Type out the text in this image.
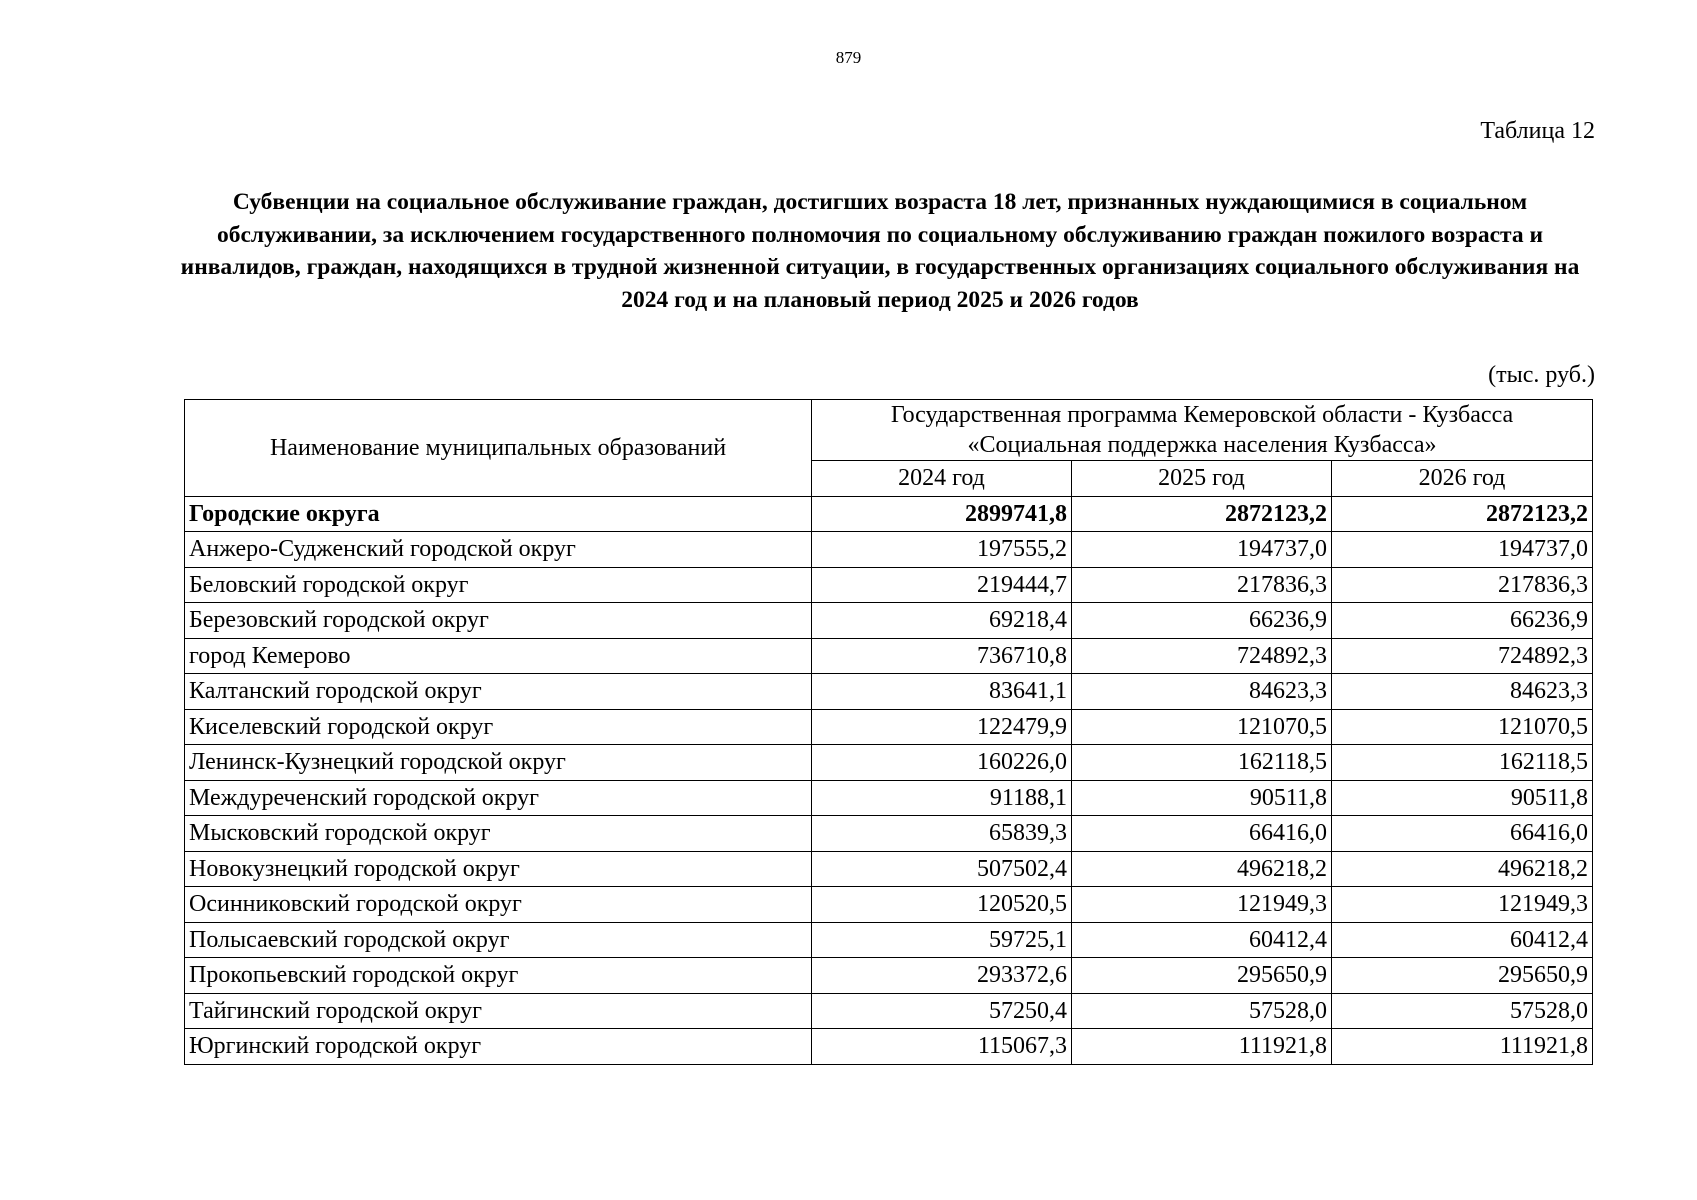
879
Таблица 12
Субвенции на социальное обслуживание граждан, достигших возраста 18 лет, признанных нуждающимися в социальном обслуживании, за исключением государственного полномочия по социальному обслуживанию граждан пожилого возраста и инвалидов, граждан, находящихся в трудной жизненной ситуации, в государственных организациях социального обслуживания на 2024 год и на плановый период 2025 и 2026 годов
(тыс. руб.)
Наименование муниципальных образований	Государственная программа Кемеровской области - Кузбасса
«Социальная поддержка населения Кузбасса»		
	2024 год	2025 год	2026 год
Городские округа	2899741,8	2872123,2	2872123,2
Анжеро-Судженский городской округ	197555,2	194737,0	194737,0
Беловский городской округ	219444,7	217836,3	217836,3
Березовский городской округ	69218,4	66236,9	66236,9
город Кемерово	736710,8	724892,3	724892,3
Калтанский городской округ	83641,1	84623,3	84623,3
Киселевский городской округ	122479,9	121070,5	121070,5
Ленинск-Кузнецкий городской округ	160226,0	162118,5	162118,5
Междуреченский городской округ	91188,1	90511,8	90511,8
Мысковский городской округ	65839,3	66416,0	66416,0
Новокузнецкий городской округ	507502,4	496218,2	496218,2
Осинниковский городской округ	120520,5	121949,3	121949,3
Полысаевский городской округ	59725,1	60412,4	60412,4
Прокопьевский городской округ	293372,6	295650,9	295650,9
Тайгинский городской округ	57250,4	57528,0	57528,0
Юргинский городской округ	115067,3	111921,8	111921,8
